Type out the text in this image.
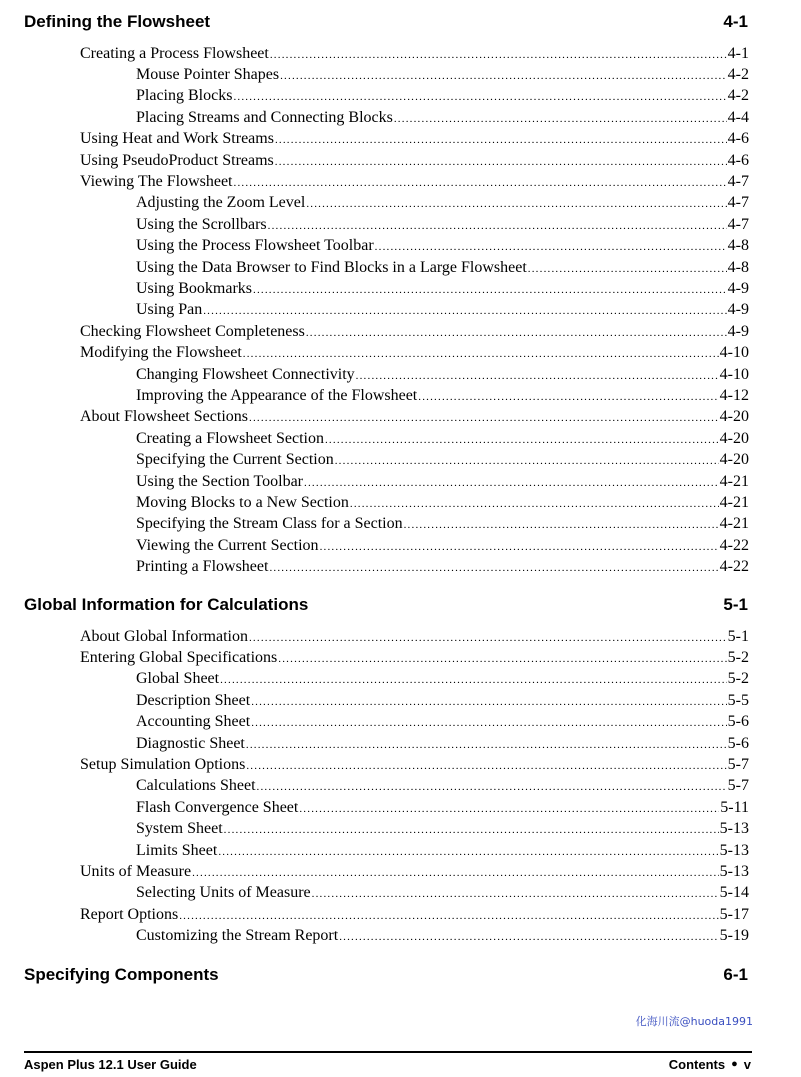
Defining the Flowsheet	4-1
Creating a Process Flowsheet .....	4-1
Mouse Pointer Shapes .....	4-2
Placing Blocks .....	4-2
Placing Streams and Connecting Blocks .....	4-4
Using Heat and Work Streams .....	4-6
Using PseudoProduct Streams .....	4-6
Viewing The Flowsheet .....	4-7
Adjusting the Zoom Level .....	4-7
Using the Scrollbars .....	4-7
Using the Process Flowsheet Toolbar .....	4-8
Using the Data Browser to Find Blocks in a Large Flowsheet .....	4-8
Using Bookmarks .....	4-9
Using Pan .....	4-9
Checking Flowsheet Completeness .....	4-9
Modifying the Flowsheet .....	4-10
Changing Flowsheet Connectivity .....	4-10
Improving the Appearance of the Flowsheet .....	4-12
About Flowsheet Sections .....	4-20
Creating a Flowsheet Section .....	4-20
Specifying the Current Section .....	4-20
Using the Section Toolbar .....	4-21
Moving Blocks to a New Section .....	4-21
Specifying the Stream Class for a Section .....	4-21
Viewing the Current Section .....	4-22
Printing a Flowsheet .....	4-22
Global Information for Calculations	5-1
About Global Information .....	5-1
Entering Global Specifications .....	5-2
Global Sheet .....	5-2
Description Sheet .....	5-5
Accounting Sheet .....	5-6
Diagnostic Sheet .....	5-6
Setup Simulation Options .....	5-7
Calculations Sheet .....	5-7
Flash Convergence Sheet .....	5-11
System Sheet .....	5-13
Limits Sheet .....	5-13
Units of Measure .....	5-13
Selecting Units of Measure .....	5-14
Report Options .....	5-17
Customizing the Stream Report .....	5-19
Specifying Components	6-1
化海川流@huoda1991
Aspen Plus 12.1 User Guide	Contents ● v
